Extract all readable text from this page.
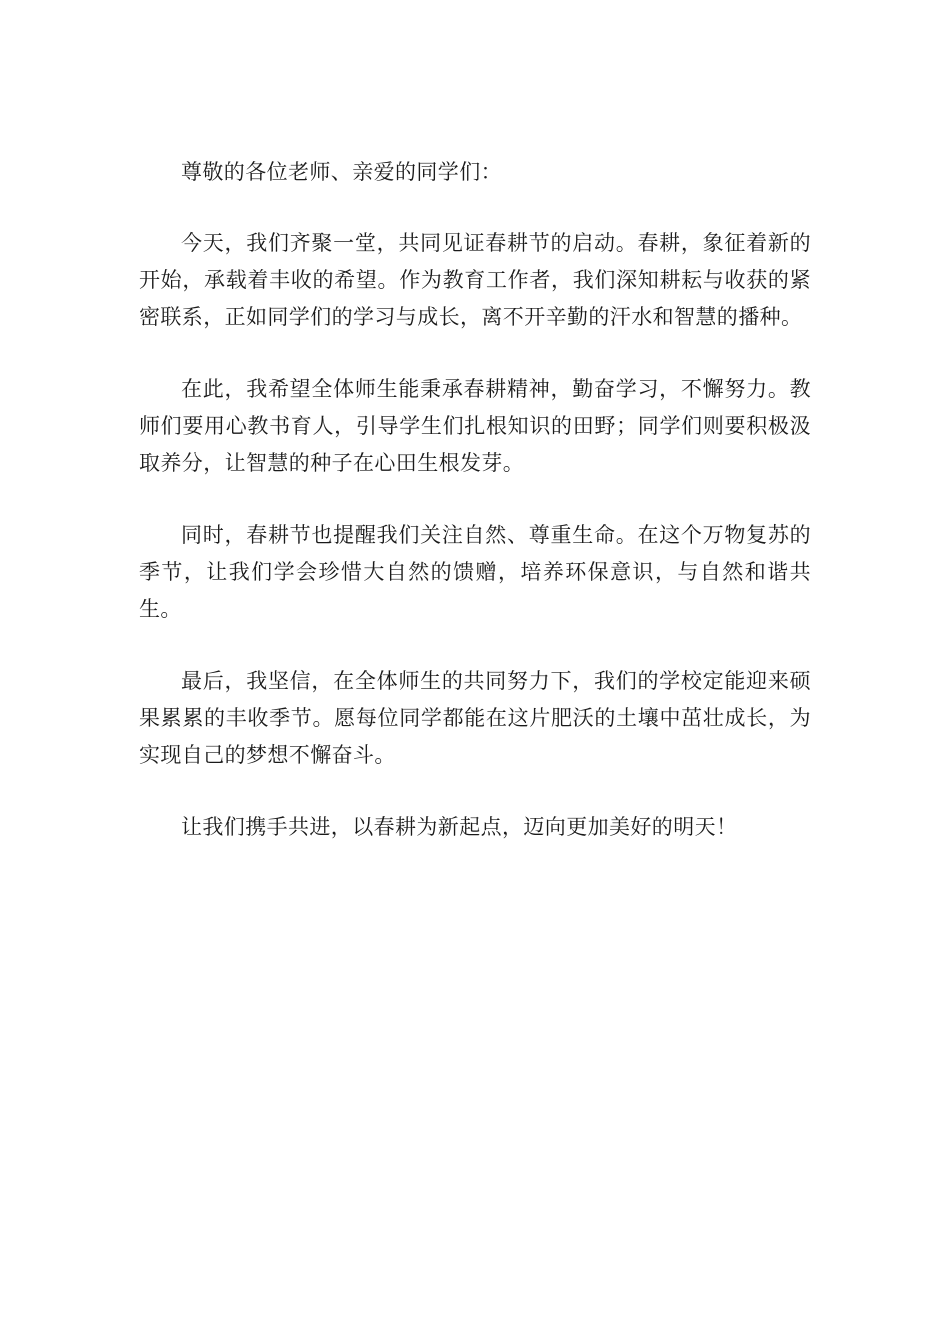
尊敬的各位老师、亲爱的同学们：

今天，我们齐聚一堂，共同见证春耕节的启动。春耕，象征着新的开始，承载着丰收的希望。作为教育工作者，我们深知耕耘与收获的紧密联系，正如同学们的学习与成长，离不开辛勤的汗水和智慧的播种。

在此，我希望全体师生能秉承春耕精神，勤奋学习，不懈努力。教师们要用心教书育人，引导学生们扎根知识的田野；同学们则要积极汲取养分，让智慧的种子在心田生根发芽。

同时，春耕节也提醒我们关注自然、尊重生命。在这个万物复苏的季节，让我们学会珍惜大自然的馈赠，培养环保意识，与自然和谐共生。

最后，我坚信，在全体师生的共同努力下，我们的学校定能迎来硕果累累的丰收季节。愿每位同学都能在这片肥沃的土壤中茁壮成长，为实现自己的梦想不懈奋斗。

让我们携手共进，以春耕为新起点，迈向更加美好的明天！
